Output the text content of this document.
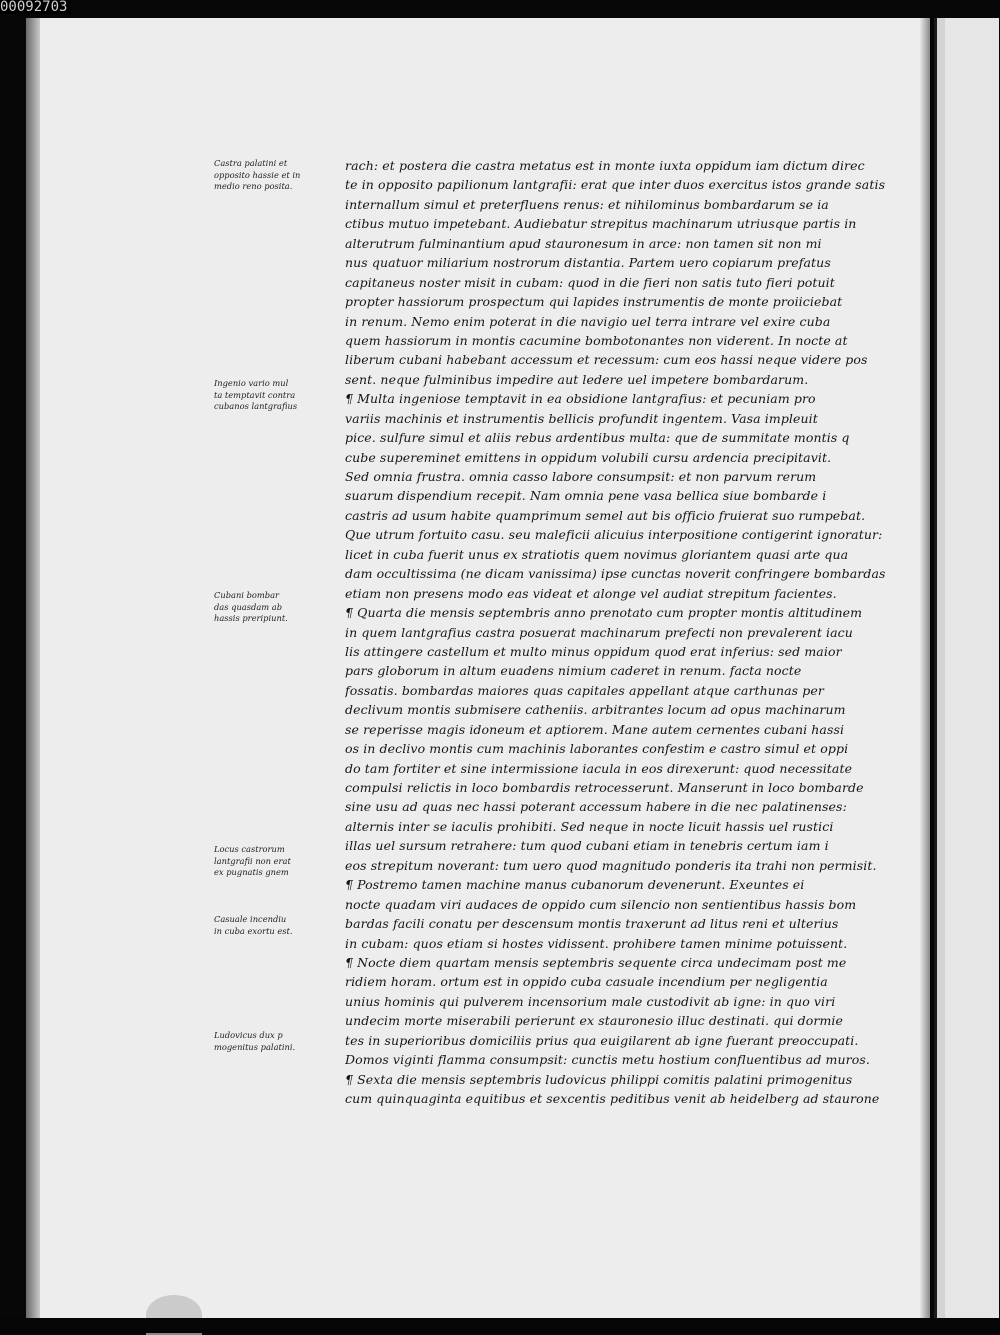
00092703
Castra palatini et
opposito hassie et in
medio reno posita.
Ingenio vario mul
ta temptavit contra
cubanos lantgrafius
Cubani bombar
das quasdam ab
hassis preripiunt.
Locus castrorum
lantgrafii non erat
ex pugnatis gnem
Casuale incendiu
in cuba exortu est.
Ludovicus dux p
mogenitus palatini.
rach: et postera die castra metatus est in monte iuxta oppidum iam dictum direc
te in opposito papilionum lantgrafii: erat que inter duos exercitus istos grande satis
internallum simul et preterfluens renus: et nihilominus bombardarum se ia
ctibus mutuo impetebant. Audiebatur strepitus machinarum utriusque partis in
alterutrum fulminantium apud stauronesum in arce: non tamen sit non mi
nus quatuor miliarium nostrorum distantia. Partem uero copiarum prefatus
capitaneus noster misit in cubam: quod in die fieri non satis tuto fieri potuit
propter hassiorum prospectum qui lapides instrumentis de monte proiiciebat
in renum. Nemo enim poterat in die navigio uel terra intrare vel exire cuba
quem hassiorum in montis cacumine bombotonantes non viderent. In nocte at
liberum cubani habebant accessum et recessum: cum eos hassi neque videre pos
sent. neque fulminibus impedire aut ledere uel impetere bombardarum.
¶ Multa ingeniose temptavit in ea obsidione lantgrafius: et pecuniam pro
variis machinis et instrumentis bellicis profundit ingentem. Vasa impleuit
pice. sulfure simul et aliis rebus ardentibus multa: que de summitate montis q
cube supereminet emittens in oppidum volubili cursu ardencia precipitavit.
Sed omnia frustra. omnia casso labore consumpsit: et non parvum rerum
suarum dispendium recepit. Nam omnia pene vasa bellica siue bombarde i
castris ad usum habite quamprimum semel aut bis officio fruierat suo rumpebat.
Que utrum fortuito casu. seu maleficii alicuius interpositione contigerint ignoratur:
licet in cuba fuerit unus ex stratiotis quem novimus gloriantem quasi arte qua
dam occultissima (ne dicam vanissima) ipse cunctas noverit confringere bombardas
etiam non presens modo eas videat et alonge vel audiat strepitum facientes.
¶ Quarta die mensis septembris anno prenotato cum propter montis altitudinem
in quem lantgrafius castra posuerat machinarum prefecti non prevalerent iacu
lis attingere castellum et multo minus oppidum quod erat inferius: sed maior
pars globorum in altum euadens nimium caderet in renum. facta nocte
fossatis. bombardas maiores quas capitales appellant atque carthunas per
declivum montis submisere catheniis. arbitrantes locum ad opus machinarum
se reperisse magis idoneum et aptiorem. Mane autem cernentes cubani hassi
os in declivo montis cum machinis laborantes confestim e castro simul et oppi
do tam fortiter et sine intermissione iacula in eos direxerunt: quod necessitate
compulsi relictis in loco bombardis retrocesserunt. Manserunt in loco bombarde
sine usu ad quas nec hassi poterant accessum habere in die nec palatinenses:
alternis inter se iaculis prohibiti. Sed neque in nocte licuit hassis uel rustici
illas uel sursum retrahere: tum quod cubani etiam in tenebris certum iam i
eos strepitum noverant: tum uero quod magnitudo ponderis ita trahi non permisit.
¶ Postremo tamen machine manus cubanorum devenerunt. Exeuntes ei
nocte quadam viri audaces de oppido cum silencio non sentientibus hassis bom
bardas facili conatu per descensum montis traxerunt ad litus reni et ulterius
in cubam: quos etiam si hostes vidissent. prohibere tamen minime potuissent.
¶ Nocte diem quartam mensis septembris sequente circa undecimam post me
ridiem horam. ortum est in oppido cuba casuale incendium per negligentia
unius hominis qui pulverem incensorium male custodivit ab igne: in quo viri
undecim morte miserabili perierunt ex stauronesio illuc destinati. qui dormie
tes in superioribus domiciliis prius qua euigilarent ab igne fuerant preoccupati.
Domos viginti flamma consumpsit: cunctis metu hostium confluentibus ad muros.
¶ Sexta die mensis septembris ludovicus philippi comitis palatini primogenitus
cum quinquaginta equitibus et sexcentis peditibus venit ab heidelberg ad staurone
